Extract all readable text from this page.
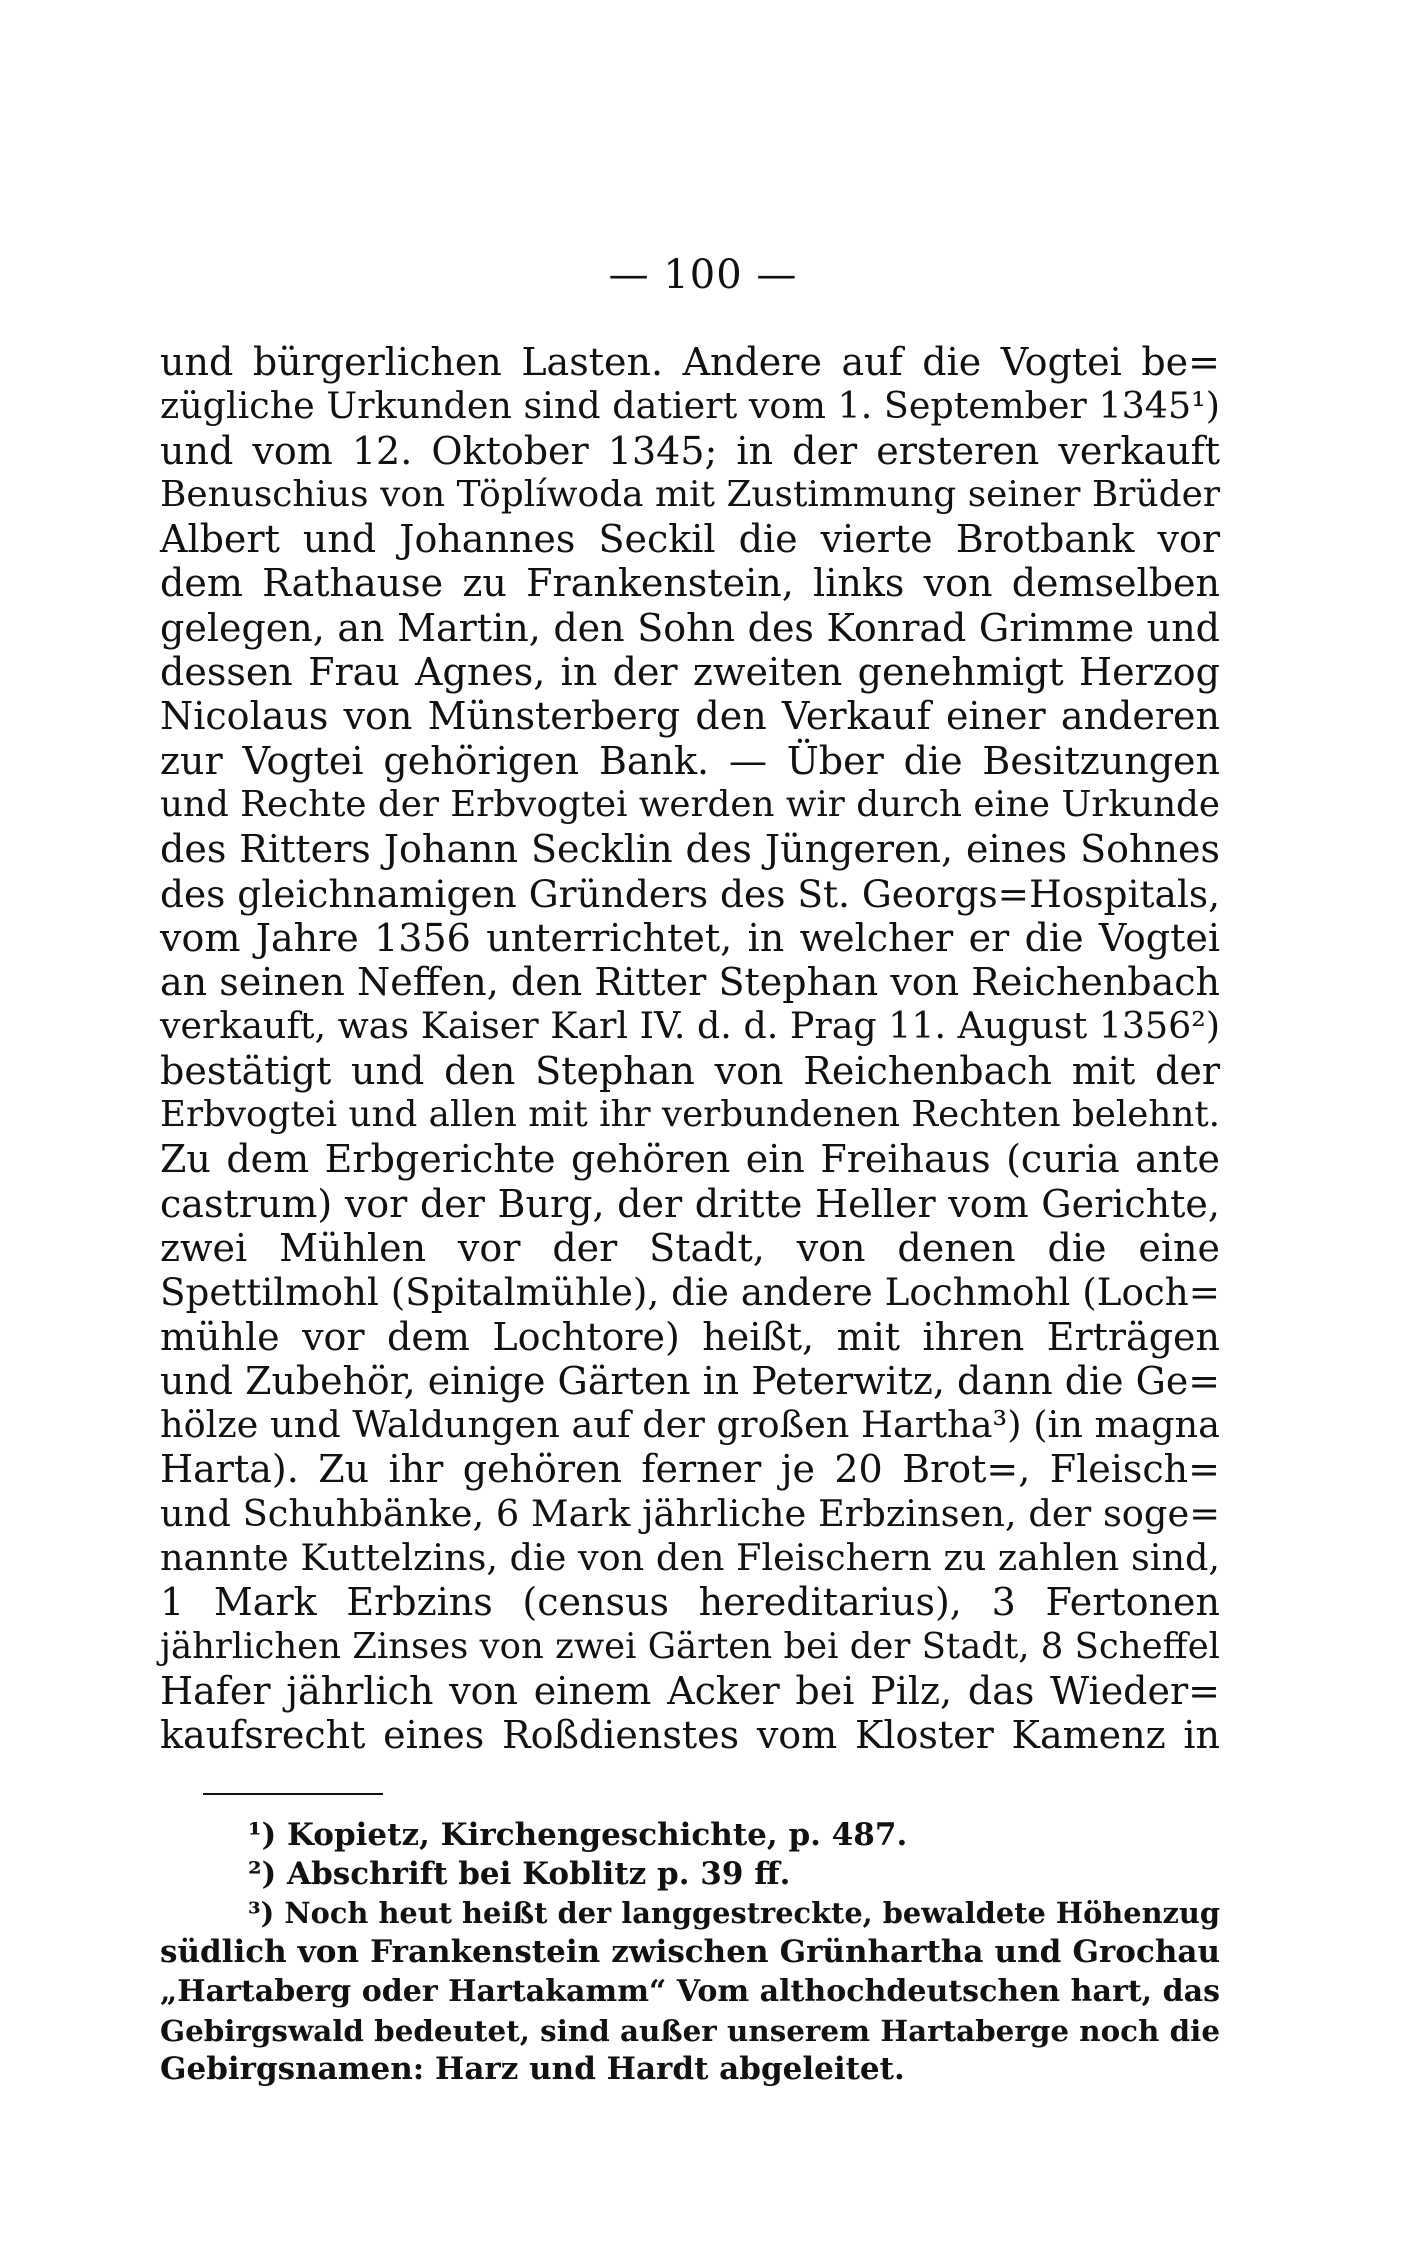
— 100 —
und bürgerlichen Lasten. Andere auf die Vogtei be=
zügliche Urkunden sind datiert vom 1. September 1345¹)
und vom 12. Oktober 1345; in der ersteren verkauft
Benuschius von Töplíwoda mit Zustimmung seiner Brüder
Albert und Johannes Seckil die vierte Brotbank vor
dem Rathause zu Frankenstein, links von demselben
gelegen, an Martin, den Sohn des Konrad Grimme und
dessen Frau Agnes, in der zweiten genehmigt Herzog
Nicolaus von Münsterberg den Verkauf einer anderen
zur Vogtei gehörigen Bank. — Über die Besitzungen
und Rechte der Erbvogtei werden wir durch eine Urkunde
des Ritters Johann Secklin des Jüngeren, eines Sohnes
des gleichnamigen Gründers des St. Georgs=Hospitals,
vom Jahre 1356 unterrichtet, in welcher er die Vogtei
an seinen Neffen, den Ritter Stephan von Reichenbach
verkauft, was Kaiser Karl IV. d. d. Prag 11. August 1356²)
bestätigt und den Stephan von Reichenbach mit der
Erbvogtei und allen mit ihr verbundenen Rechten belehnt.
Zu dem Erbgerichte gehören ein Freihaus (curia ante
castrum) vor der Burg, der dritte Heller vom Gerichte,
zwei Mühlen vor der Stadt, von denen die eine
Spettilmohl (Spitalmühle), die andere Lochmohl (Loch=
mühle vor dem Lochtore) heißt, mit ihren Erträgen
und Zubehör, einige Gärten in Peterwitz, dann die Ge=
hölze und Waldungen auf der großen Hartha³) (in magna
Harta). Zu ihr gehören ferner je 20 Brot=, Fleisch=
und Schuhbänke, 6 Mark jährliche Erbzinsen, der soge=
nannte Kuttelzins, die von den Fleischern zu zahlen sind,
1 Mark Erbzins (census hereditarius), 3 Fertonen
jährlichen Zinses von zwei Gärten bei der Stadt, 8 Scheffel
Hafer jährlich von einem Acker bei Pilz, das Wieder=
kaufsrecht eines Roßdienstes vom Kloster Kamenz in
¹) Kopietz, Kirchengeschichte, p. 487.
²) Abschrift bei Koblitz p. 39 ff.
³) Noch heut heißt der langgestreckte, bewaldete Höhenzug
südlich von Frankenstein zwischen Grünhartha und Grochau
„Hartaberg oder Hartakamm“ Vom althochdeutschen hart, das
Gebirgswald bedeutet, sind außer unserem Hartaberge noch die
Gebirgsnamen: Harz und Hardt abgeleitet.
